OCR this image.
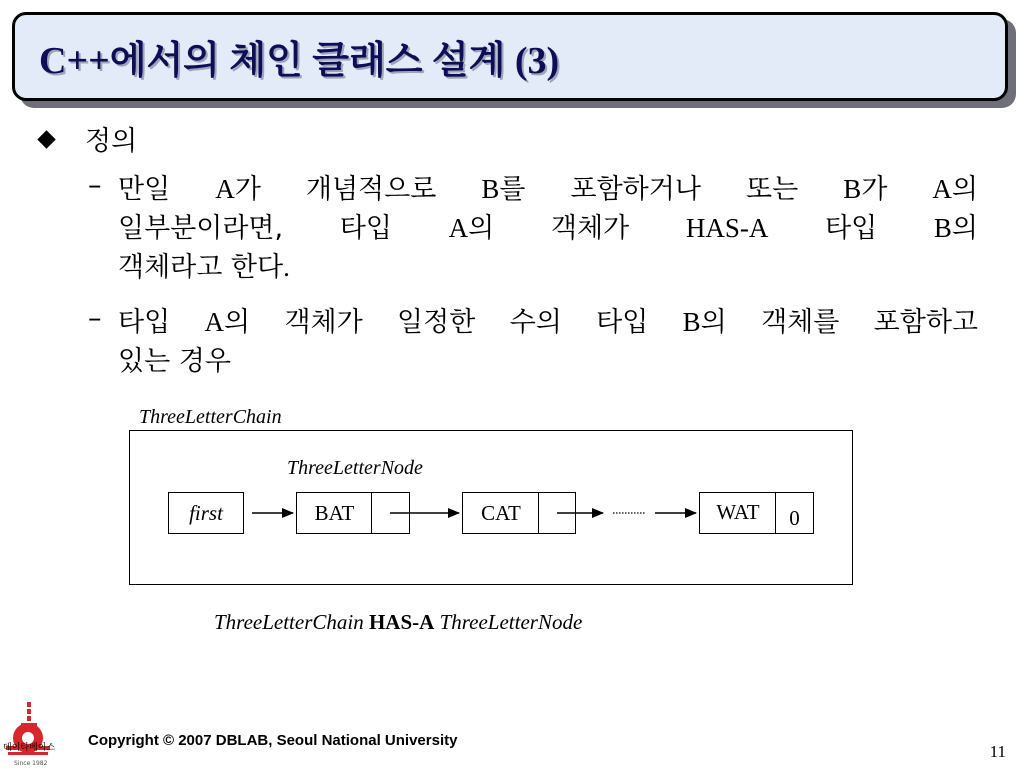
C++에서의 체인 클래스 설계 (3)
정의
– 만일 A가 개념적으로 B를 포함하거나 또는 B가 A의
일부분이라면, 타입 A의 객체가 HAS-A 타입 B의
객체라고 한다.
– 타입 A의 객체가 일정한 수의 타입 B의 객체를 포함하고
있는 경우
ThreeLetterChain
ThreeLetterNode
first	BAT	CAT	WAT	0
ThreeLetterChain HAS-A ThreeLetterNode
데이타베이스
Since 1982
Copyright © 2007 DBLAB, Seoul National University
11
